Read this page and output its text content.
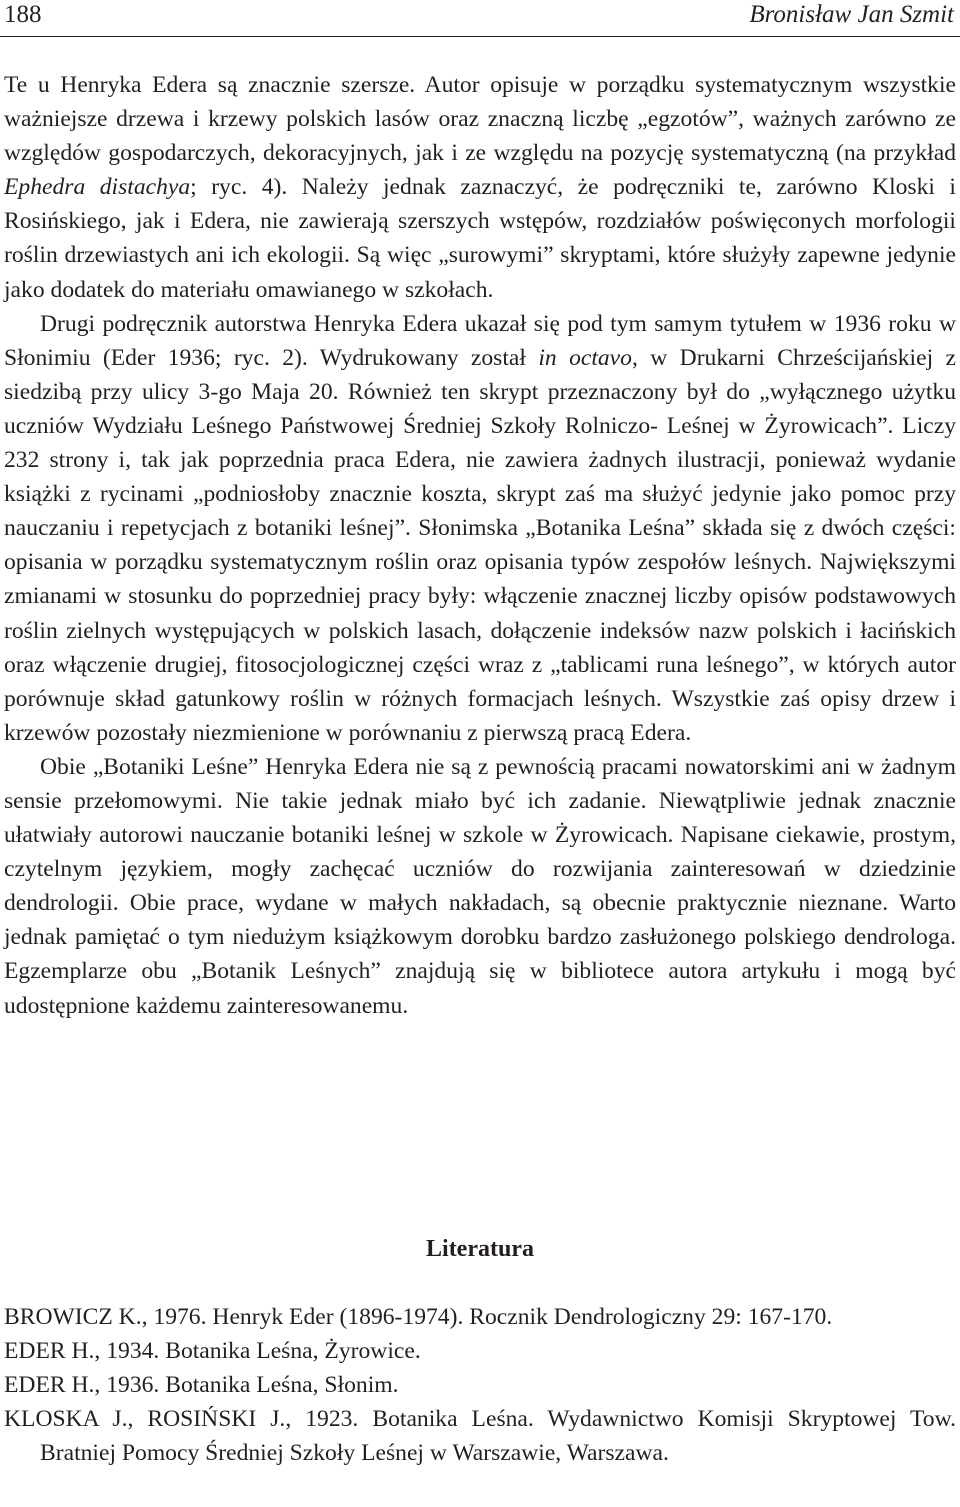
188	Bronisław Jan Szmit

Te u Henryka Edera są znacznie szersze. Autor opisuje w porządku systematycznym wszystkie ważniejsze drzewa i krzewy polskich lasów oraz znaczną liczbę „egzotów”, ważnych zarówno ze względów gospodarczych, dekoracyjnych, jak i ze względu na pozycję systematyczną (na przykład Ephedra distachya; ryc. 4). Należy jednak zaznaczyć, że podręczniki te, zarówno Kloski i Rosińskiego, jak i Edera, nie zawierają szerszych wstępów, rozdziałów poświęconych morfologii roślin drzewiastych ani ich ekologii. Są więc „surowymi” skryptami, które służyły zapewne jedynie jako dodatek do materiału omawianego w szkołach.

Drugi podręcznik autorstwa Henryka Edera ukazał się pod tym samym tytułem w 1936 roku w Słonimiu (Eder 1936; ryc. 2). Wydrukowany został in octavo, w Drukarni Chrześcijańskiej z siedzibą przy ulicy 3-go Maja 20. Również ten skrypt przeznaczony był do „wyłącznego użytku uczniów Wydziału Leśnego Państwowej Średniej Szkoły Rolniczo- Leśnej w Żyrowicach”. Liczy 232 strony i, tak jak poprzednia praca Edera, nie zawiera żadnych ilustracji, ponieważ wydanie książki z rycinami „podniosłoby znacznie koszta, skrypt zaś ma służyć jedynie jako pomoc przy nauczaniu i repetycjach z botaniki leśnej”. Słonimska „Botanika Leśna” składa się z dwóch części: opisania w porządku systematycznym roślin oraz opisania typów zespołów leśnych. Największymi zmianami w stosunku do poprzedniej pracy były: włączenie znacznej liczby opisów podstawowych roślin zielnych występujących w polskich lasach, dołączenie indeksów nazw polskich i łacińskich oraz włączenie drugiej, fitosocjologicznej części wraz z „tablicami runa leśnego”, w których autor porównuje skład gatunkowy roślin w różnych formacjach leśnych. Wszystkie zaś opisy drzew i krzewów pozostały niezmienione w porównaniu z pierwszą pracą Edera.

Obie „Botaniki Leśne” Henryka Edera nie są z pewnością pracami nowatorskimi ani w żadnym sensie przełomowymi. Nie takie jednak miało być ich zadanie. Niewątpliwie jednak znacznie ułatwiały autorowi nauczanie botaniki leśnej w szkole w Żyrowicach. Napisane ciekawie, prostym, czytelnym językiem, mogły zachęcać uczniów do rozwijania zainteresowań w dziedzinie dendrologii. Obie prace, wydane w małych nakładach, są obecnie praktycznie nieznane. Warto jednak pamiętać o tym niedużym książkowym dorobku bardzo zasłużonego polskiego dendrologa. Egzemplarze obu „Botanik Leśnych” znajdują się w bibliotece autora artykułu i mogą być udostępnione każdemu zainteresowanemu.

Literatura
BROWICZ K., 1976. Henryk Eder (1896-1974). Rocznik Dendrologiczny 29: 167-170.
EDER H., 1934. Botanika Leśna, Żyrowice.
EDER H., 1936. Botanika Leśna, Słonim.
KLOSKA J., ROSIŃSKI J., 1923. Botanika Leśna. Wydawnictwo Komisji Skryptowej Tow. Bratniej Pomocy Średniej Szkoły Leśnej w Warszawie, Warszawa.
